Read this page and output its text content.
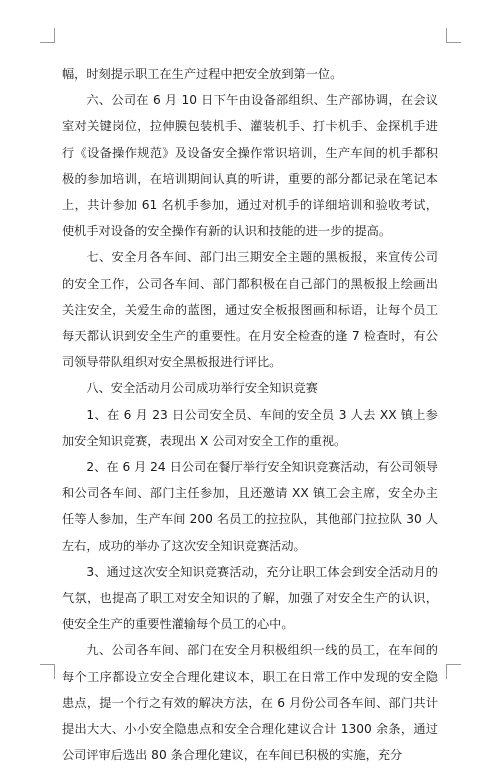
幅，时刻提示职工在生产过程中把安全放到第一位。

六、公司在 6 月 10 日下午由设备部组织、生产部协调，在会议室对关键岗位，拉伸膜包装机手、灌装机手、打卡机手、金探机手进行《设备操作规范》及设备安全操作常识培训，生产车间的机手都积极的参加培训，在培训期间认真的听讲，重要的部分都记录在笔记本上，共计参加 61 名机手参加，通过对机手的详细培训和验收考试，使机手对设备的安全操作有新的认识和技能的进一步的提高。

七、安全月各车间、部门出三期安全主题的黑板报，来宣传公司的安全工作，公司各车间、部门都积极在自己部门的黑板报上绘画出关注安全，关爱生命的蓝图，通过安全板报图画和标语，让每个员工每天都认识到安全生产的重要性。在月安全检查的逢 7 检查时，有公司领导带队组织对安全黑板报进行评比。

八、安全活动月公司成功举行安全知识竞赛

1、在 6 月 23 日公司安全员、车间的安全员 3 人去 XX 镇上参加安全知识竞赛，表现出 X 公司对安全工作的重视。

2、在 6 月 24 日公司在餐厅举行安全知识竞赛活动，有公司领导和公司各车间、部门主任参加，且还邀请 XX 镇工会主席，安全办主任等人参加，生产车间 200 名员工的拉拉队，其他部门拉拉队 30 人左右，成功的举办了这次安全知识竞赛活动。

3、通过这次安全知识竞赛活动，充分让职工体会到安全活动月的气氛，也提高了职工对安全知识的了解，加强了对安全生产的认识，使安全生产的重要性灌输每个员工的心中。

九、公司各车间、部门在安全月积极组织一线的员工，在车间的每个工序都设立安全合理化建议本，职工在日常工作中发现的安全隐患点，提一个行之有效的解决方法，在 6 月份公司各车间、部门共计提出大大、小小安全隐患点和安全合理化建议合计 1300 余条，通过公司评审后选出 80 条合理化建议，在车间已积极的实施，充分
